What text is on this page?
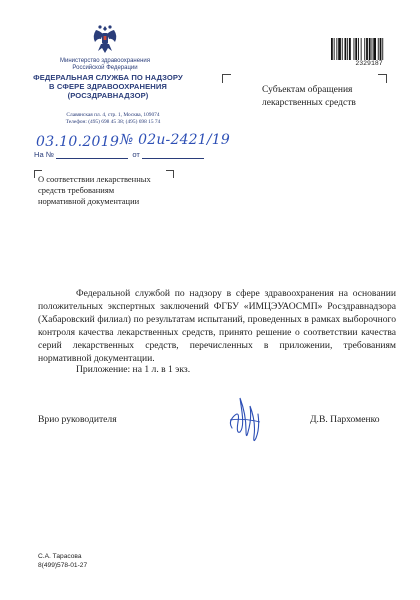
Министерство здравоохранения
Российской Федерации
ФЕДЕРАЛЬНАЯ СЛУЖБА ПО НАДЗОРУ
В СФЕРЕ ЗДРАВООХРАНЕНИЯ
(РОСЗДРАВНАДЗОР)
Славянская пл. 4, стр. 1, Москва, 109074
Телефон: (495) 698 45 38; (495) 698 15 74
2329187
Субъектам обращения
лекарственных средств
03.10.2019 № 02и-2421/19
На №	от
О соответствии лекарственных
средств требованиям
нормативной документации
Федеральной службой по надзору в сфере здравоохранения на основании положительных экспертных заключений ФГБУ «ИМЦЭУАОСМП» Росздравнадзора (Хабаровский филиал) по результатам испытаний, проведенных в рамках выборочного контроля качества лекарственных средств, принято решение о соответствии качества серий лекарственных средств, перечисленных в приложении, требованиям нормативной документации.
Приложение: на 1 л. в 1 экз.
Врио руководителя	Д.В. Пархоменко
С.А. Тарасова
8(499)578-01-27
